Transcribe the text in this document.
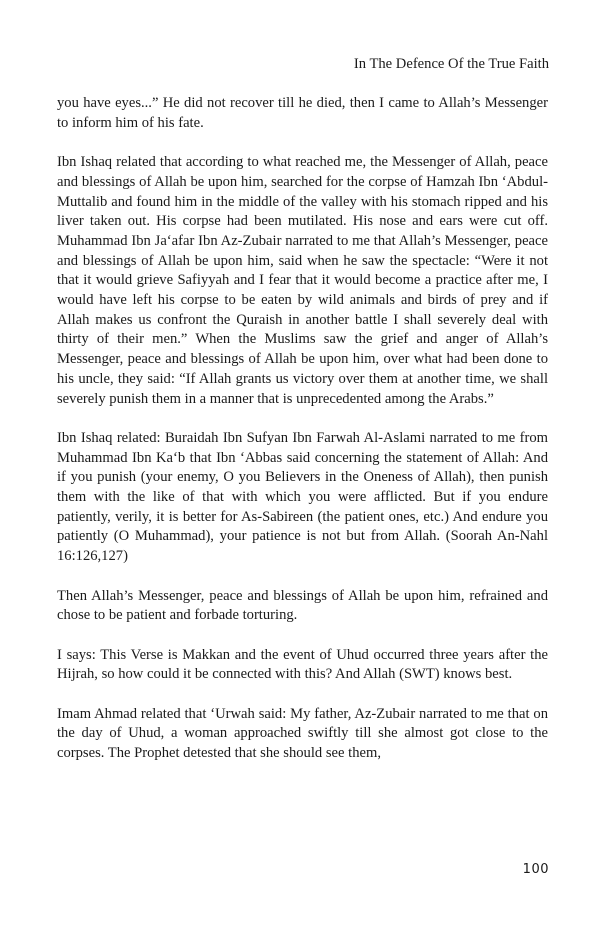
In The Defence Of the True Faith

you have eyes...” He did not recover till he died, then I came to Allah’s Messenger to inform him of his fate.

Ibn Ishaq related that according to what reached me, the Messenger of Allah, peace and blessings of Allah be upon him, searched for the corpse of Hamzah Ibn ‘Abdul-Muttalib and found him in the middle of the valley with his stomach ripped and his liver taken out. His corpse had been mutilated. His nose and ears were cut off. Muhammad Ibn Ja‘afar Ibn Az-Zubair narrated to me that Allah’s Messenger, peace and blessings of Allah be upon him, said when he saw the spectacle: “Were it not that it would grieve Safiyyah and I fear that it would become a practice after me, I would have left his corpse to be eaten by wild animals and birds of prey and if Allah makes us confront the Quraish in another battle I shall severely deal with thirty of their men.” When the Muslims saw the grief and anger of Allah’s Messenger, peace and blessings of Allah be upon him, over what had been done to his uncle, they said: “If Allah grants us victory over them at another time, we shall severely punish them in a manner that is unprecedented among the Arabs.”

Ibn Ishaq related: Buraidah Ibn Sufyan Ibn Farwah Al-Aslami narrated to me from Muhammad Ibn Ka‘b that Ibn ‘Abbas said concerning the statement of Allah: And if you punish (your enemy, O you Believers in the Oneness of Allah), then punish them with the like of that with which you were afflicted. But if you endure patiently, verily, it is better for As-Sabireen (the patient ones, etc.) And endure you patiently (O Muhammad), your patience is not but from Allah. (Soorah An-Nahl 16:126,127)

Then Allah’s Messenger, peace and blessings of Allah be upon him, refrained and chose to be patient and forbade torturing.

I says: This Verse is Makkan and the event of Uhud occurred three years after the Hijrah, so how could it be connected with this? And Allah (SWT) knows best.

Imam Ahmad related that ‘Urwah said: My father, Az-Zubair narrated to me that on the day of Uhud, a woman approached swiftly till she almost got close to the corpses. The Prophet detested that she should see them,

100
